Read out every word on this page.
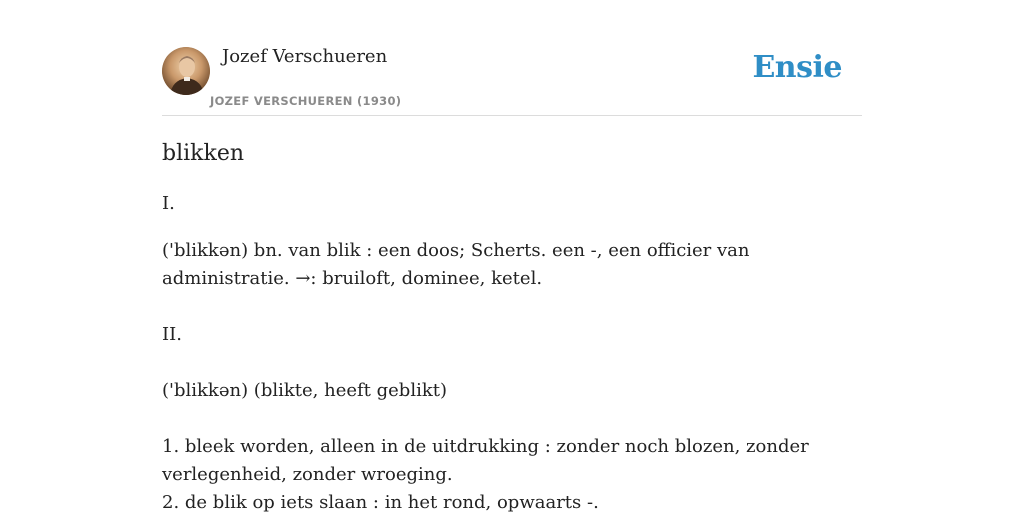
Jozef Verschueren
JOZEF VERSCHUEREN (1930)
Ensie
blikken

I.

('blikkən) bn. van blik : een doos; Scherts. een -, een officier van administratie. →: bruiloft, dominee, ketel.

II.

('blikkən) (blikte, heeft geblikt)

1. bleek worden, alleen in de uitdrukking : zonder noch blozen, zonder verlegenheid, zonder wroeging.

2. de blik op iets slaan : in het rond, opwaarts -.
